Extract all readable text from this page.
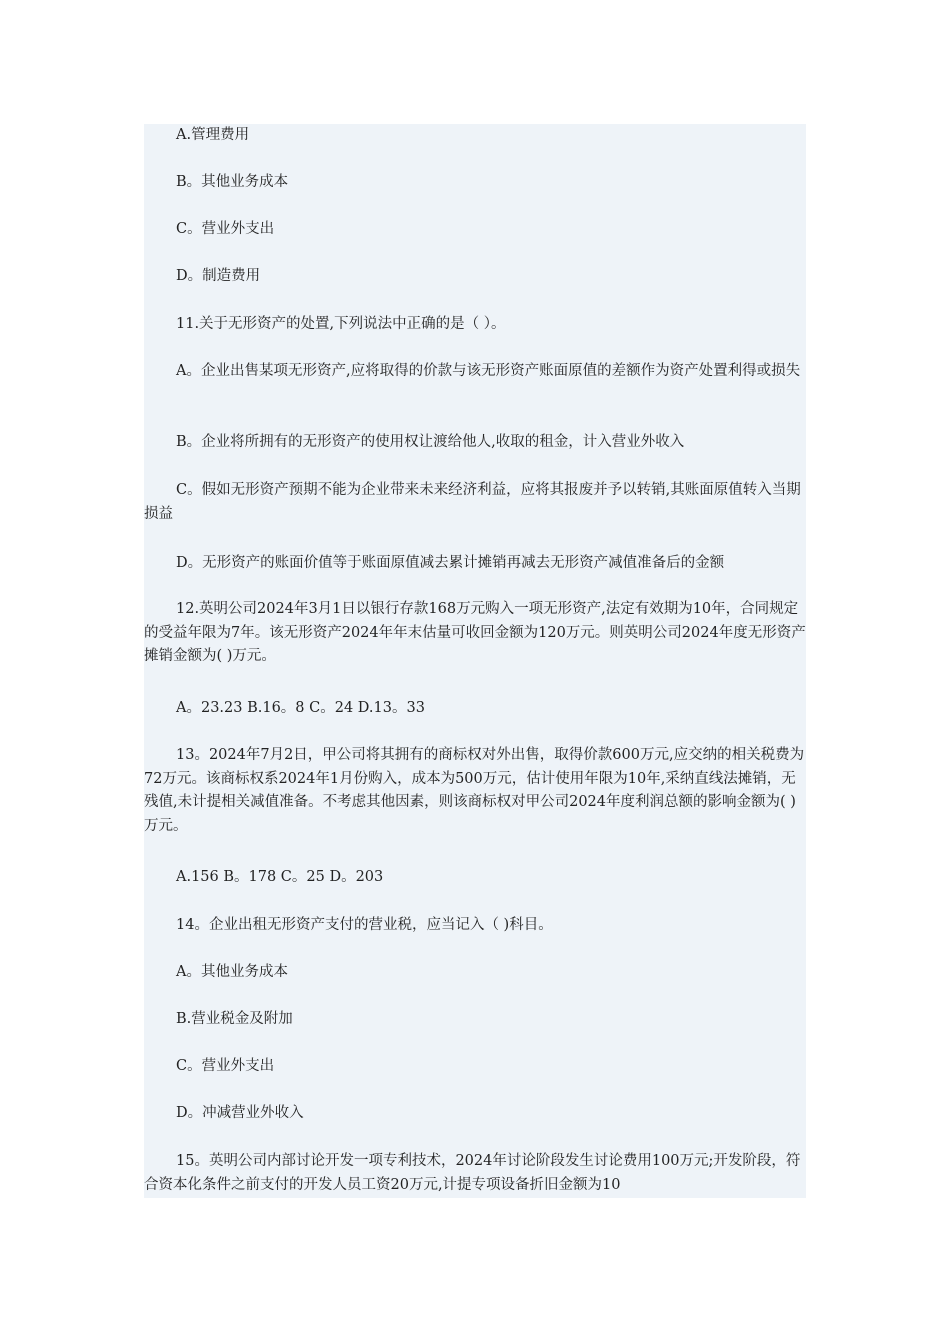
A.管理费用

B。其他业务成本

C。营业外支出

D。制造费用

11.关于无形资产的处置,下列说法中正确的是（ ）。

A。企业出售某项无形资产,应将取得的价款与该无形资产账面原值的差额作为资产处置利得或损失

B。企业将所拥有的无形资产的使用权让渡给他人,收取的租金，计入营业外收入

C。假如无形资产预期不能为企业带来未来经济利益，应将其报废并予以转销,其账面原值转入当期损益

D。无形资产的账面价值等于账面原值减去累计摊销再减去无形资产减值准备后的金额

12.英明公司2024年3月1日以银行存款168万元购入一项无形资产,法定有效期为10年，合同规定的受益年限为7年。该无形资产2024年年末估量可收回金额为120万元。则英明公司2024年度无形资产摊销金额为( )万元。

A。23.23 B.16。8 C。24 D.13。33

13。2024年7月2日，甲公司将其拥有的商标权对外出售，取得价款600万元,应交纳的相关税费为72万元。该商标权系2024年1月份购入，成本为500万元，估计使用年限为10年,采纳直线法摊销，无残值,未计提相关减值准备。不考虑其他因素，则该商标权对甲公司2024年度利润总额的影响金额为( )万元。

A.156 B。178 C。25 D。203

14。企业出租无形资产支付的营业税，应当记入（ )科目。

A。其他业务成本

B.营业税金及附加

C。营业外支出

D。冲减营业外收入

15。英明公司内部讨论开发一项专利技术，2024年讨论阶段发生讨论费用100万元;开发阶段，符合资本化条件之前支付的开发人员工资20万元,计提专项设备折旧金额为10
